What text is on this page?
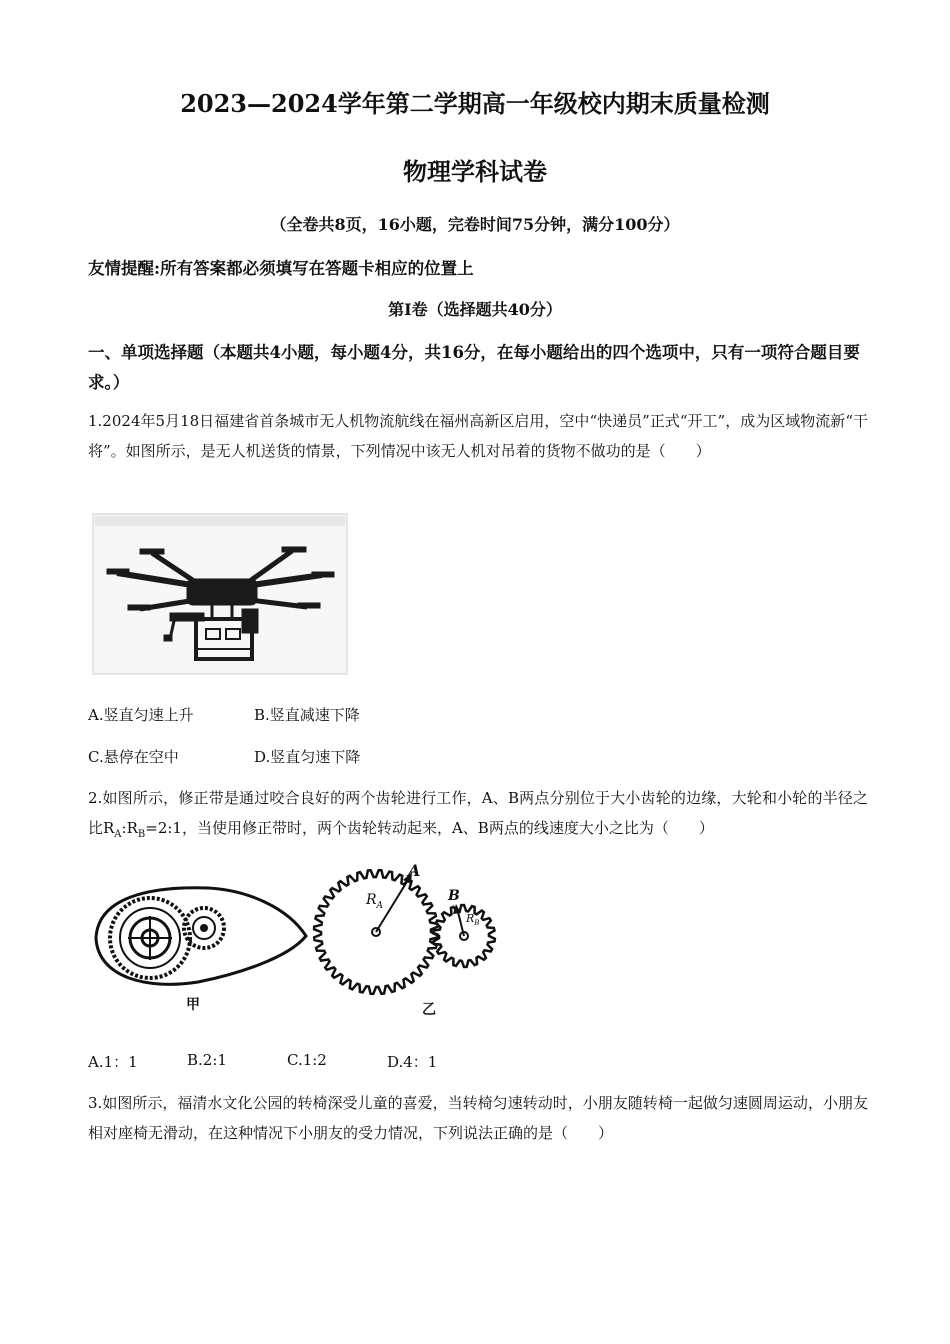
2023—2024学年第二学期高一年级校内期末质量检测
物理学科试卷
（全卷共8页，16小题，完卷时间75分钟，满分100分）
友情提醒:所有答案都必须填写在答题卡相应的位置上
第I卷（选择题共40分）
一、单项选择题（本题共4小题，每小题4分，共16分，在每小题给出的四个选项中，只有一项符合题目要求。）
1.2024年5月18日福建省首条城市无人机物流航线在福州高新区启用，空中“快递员”正式“开工”，成为区域物流新“干将”。如图所示，是无人机送货的情景，下列情况中该无人机对吊着的货物不做功的是（　　）
A.竖直匀速上升	B.竖直减速下降
C.悬停在空中	D.竖直匀速下降
2.如图所示，修正带是通过咬合良好的两个齿轮进行工作，A、B两点分别位于大小齿轮的边缘，大轮和小轮的半径之比$R_A:R_B=2:1$，当使用修正带时，两个齿轮转动起来，A、B两点的线速度大小之比为（　　）
甲
A
B
$R_A$
$R_B$
乙
A.1：1	B.2:1	C.1:2	D.4：1
3.如图所示，福清水文化公园的转椅深受儿童的喜爱，当转椅匀速转动时，小朋友随转椅一起做匀速圆周运动，小朋友相对座椅无滑动，在这种情况下小朋友的受力情况，下列说法正确的是（　　）
